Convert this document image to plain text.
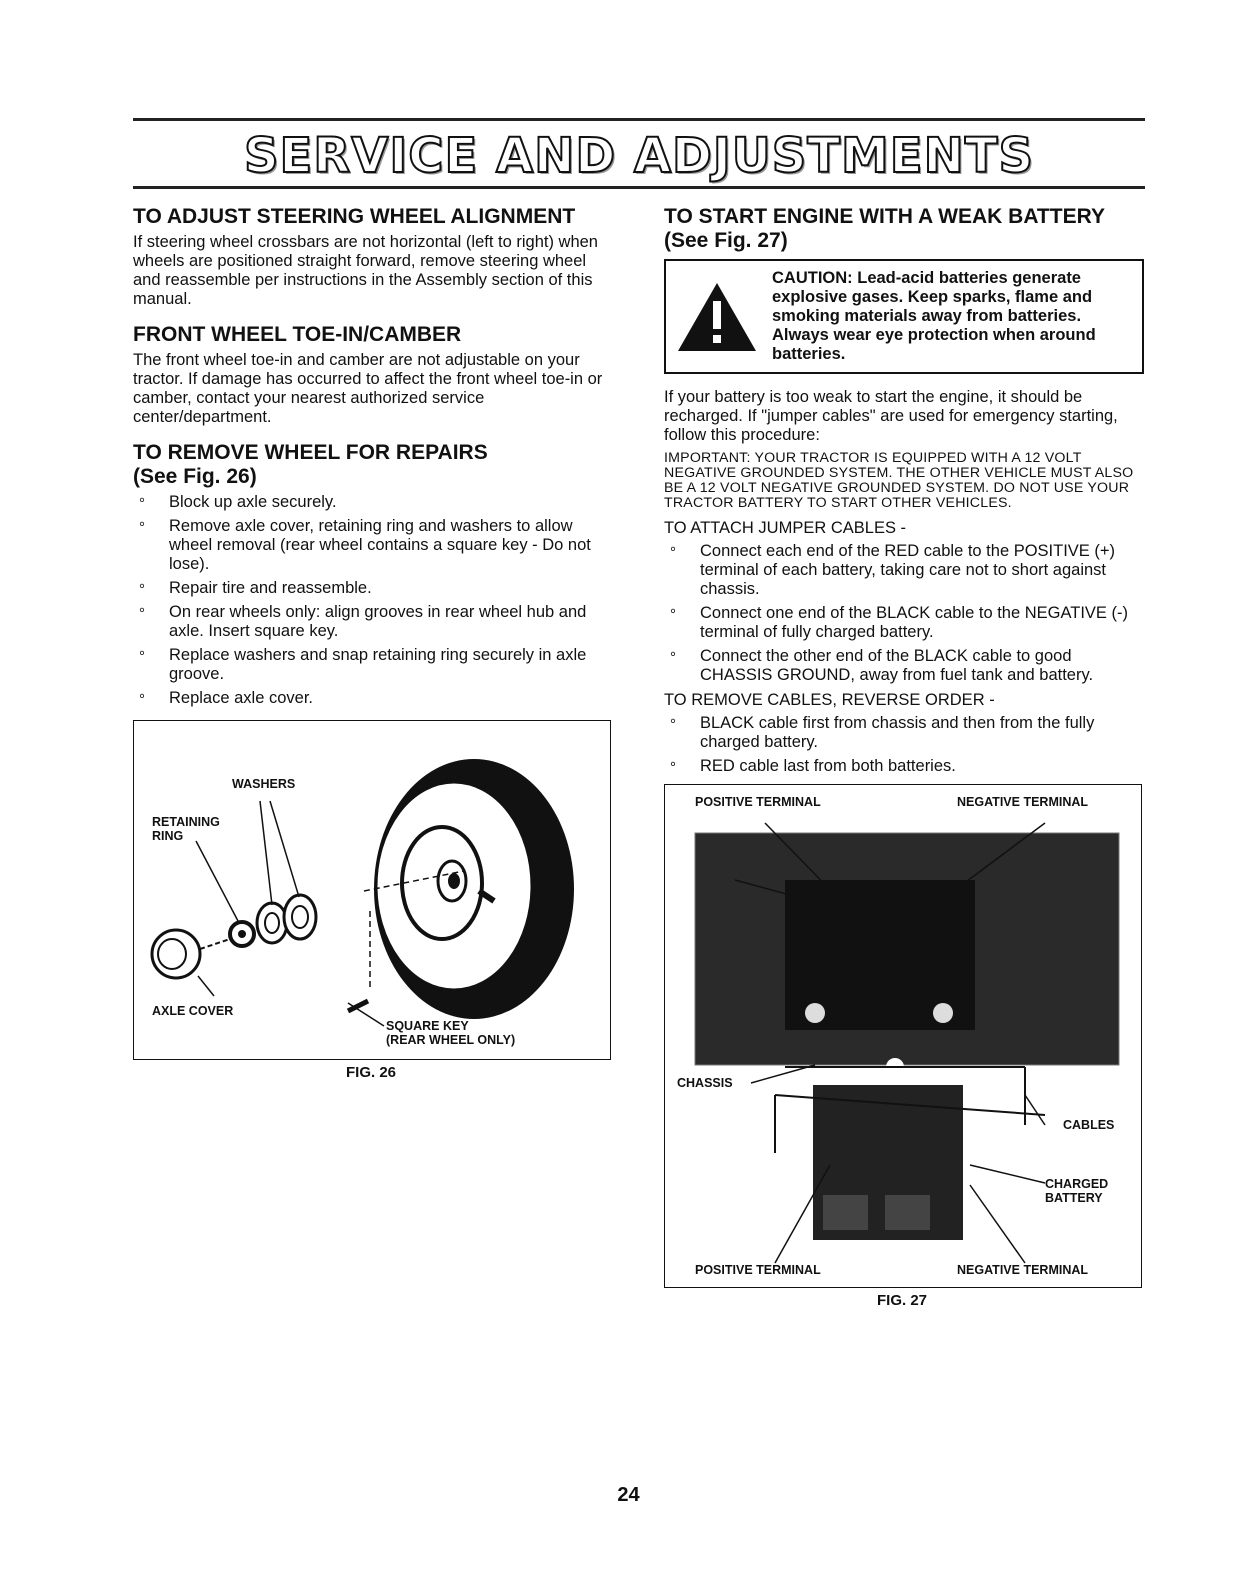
SERVICE AND ADJUSTMENTS
TO ADJUST STEERING WHEEL ALIGNMENT

If steering wheel crossbars are not horizontal (left to right) when wheels are positioned straight forward, remove steering wheel and reassemble per instructions in the Assembly section of this manual.

FRONT WHEEL TOE-IN/CAMBER

The front wheel toe-in and camber are not adjustable on your tractor. If damage has occurred to affect the front wheel toe-in or camber, contact your nearest authorized service center/department.

TO REMOVE WHEEL FOR REPAIRS
(See Fig. 26)
° Block up axle securely.
° Remove axle cover, retaining ring and washers to allow wheel removal (rear wheel contains a square key - Do not lose).
° Repair tire and reassemble.
° On rear wheels only: align grooves in rear wheel hub and axle. Insert square key.
° Replace washers and snap retaining ring securely in axle groove.
° Replace axle cover.
WASHERS
RETAINING
RING
AXLE COVER
SQUARE KEY
(REAR WHEEL ONLY)
FIG. 26
TO START ENGINE WITH A WEAK BATTERY
(See Fig. 27)
CAUTION: Lead-acid batteries generate explosive gases. Keep sparks, flame and smoking materials away from batteries. Always wear eye protection when around batteries.

If your battery is too weak to start the engine, it should be recharged. If "jumper cables" are used for emergency starting, follow this procedure:

IMPORTANT: YOUR TRACTOR IS EQUIPPED WITH A 12 VOLT NEGATIVE GROUNDED SYSTEM. THE OTHER VEHICLE MUST ALSO BE A 12 VOLT NEGATIVE GROUNDED SYSTEM. DO NOT USE YOUR TRACTOR BATTERY TO START OTHER VEHICLES.

TO ATTACH JUMPER CABLES -
° Connect each end of the RED cable to the POSITIVE (+) terminal of each battery, taking care not to short against chassis.
° Connect one end of the BLACK cable to the NEGATIVE (-) terminal of fully charged battery.
° Connect the other end of the BLACK cable to good CHASSIS GROUND, away from fuel tank and battery.
TO REMOVE CABLES, REVERSE ORDER -
° BLACK cable first from chassis and then from the fully charged battery.
° RED cable last from both batteries.
POSITIVE TERMINAL	NEGATIVE TERMINAL
CHASSIS
CABLES
CHARGED
BATTERY
POSITIVE TERMINAL	NEGATIVE TERMINAL
FIG. 27
24
